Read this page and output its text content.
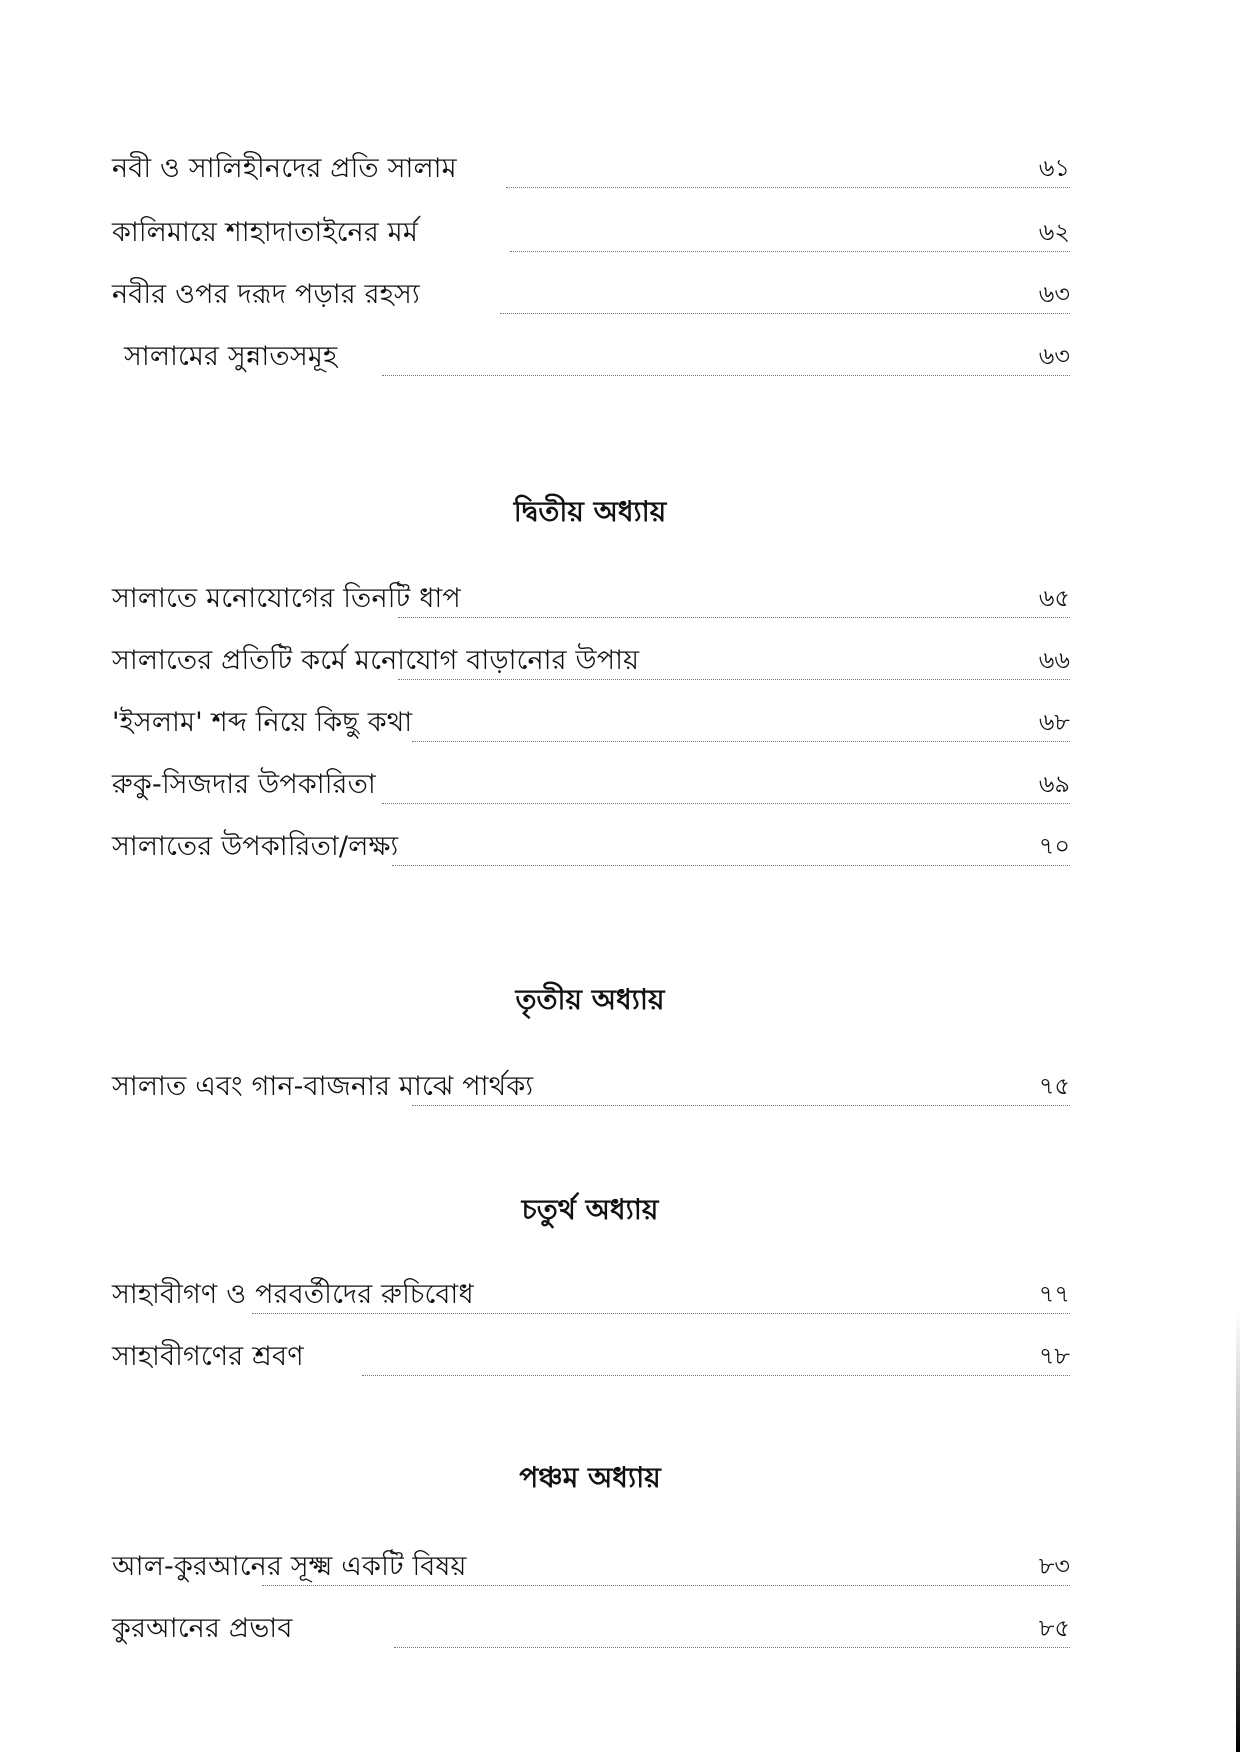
নবী ও সালিহীনদের প্রতি সালাম	৬১
কালিমায়ে শাহাদাতাইনের মর্ম	৬২
নবীর ওপর দরূদ পড়ার রহস্য	৬৩
সালামের সুন্নাতসমূহ	৬৩
দ্বিতীয় অধ্যায়
সালাতে মনোযোগের তিনটি ধাপ	৬৫
সালাতের প্রতিটি কর্মে মনোযোগ বাড়ানোর উপায়	৬৬
'ইসলাম' শব্দ নিয়ে কিছু কথা	৬৮
রুকু-সিজদার উপকারিতা	৬৯
সালাতের উপকারিতা/লক্ষ্য	৭০
তৃতীয় অধ্যায়
সালাত এবং গান-বাজনার মাঝে পার্থক্য	৭৫
চতুর্থ অধ্যায়
সাহাবীগণ ও পরবর্তীদের রুচিবোধ	৭৭
সাহাবীগণের শ্রবণ	৭৮
পঞ্চম অধ্যায়
আল-কুরআনের সূক্ষ্ম একটি বিষয়	৮৩
কুরআনের প্রভাব	৮৫
